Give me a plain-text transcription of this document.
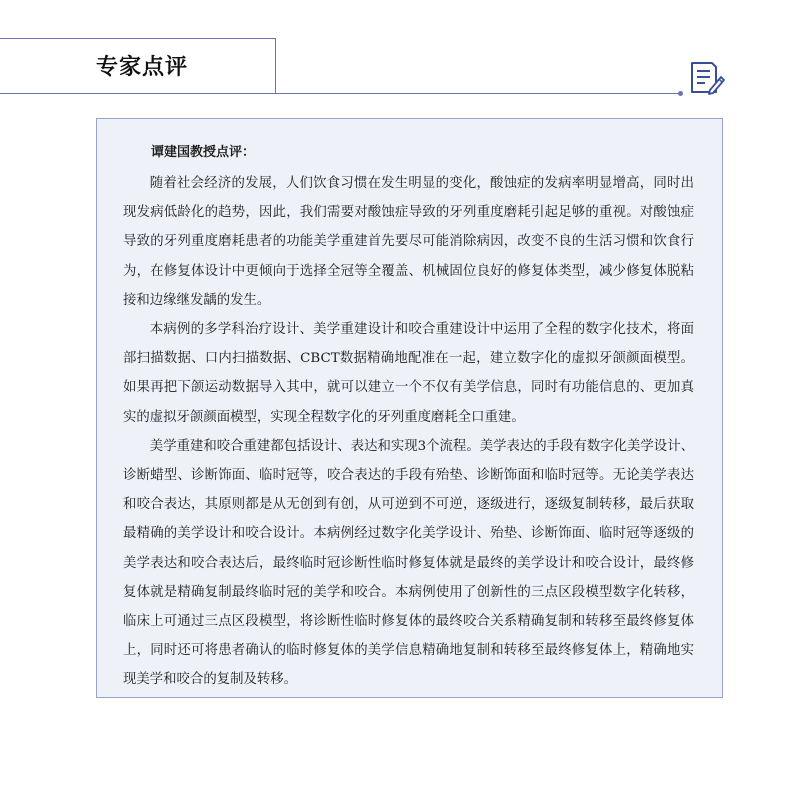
专家点评

谭建国教授点评：

随着社会经济的发展，人们饮食习惯在发生明显的变化，酸蚀症的发病率明显增高，同时出现发病低龄化的趋势，因此，我们需要对酸蚀症导致的牙列重度磨耗引起足够的重视。对酸蚀症导致的牙列重度磨耗患者的功能美学重建首先要尽可能消除病因，改变不良的生活习惯和饮食行为，在修复体设计中更倾向于选择全冠等全覆盖、机械固位良好的修复体类型，减少修复体脱粘接和边缘继发龋的发生。

本病例的多学科治疗设计、美学重建设计和咬合重建设计中运用了全程的数字化技术，将面部扫描数据、口内扫描数据、CBCT数据精确地配准在一起，建立数字化的虚拟牙颌颜面模型。如果再把下颌运动数据导入其中，就可以建立一个不仅有美学信息，同时有功能信息的、更加真实的虚拟牙颌颜面模型，实现全程数字化的牙列重度磨耗全口重建。

美学重建和咬合重建都包括设计、表达和实现3个流程。美学表达的手段有数字化美学设计、诊断蜡型、诊断饰面、临时冠等，咬合表达的手段有殆垫、诊断饰面和临时冠等。无论美学表达和咬合表达，其原则都是从无创到有创，从可逆到不可逆，逐级进行，逐级复制转移，最后获取最精确的美学设计和咬合设计。本病例经过数字化美学设计、殆垫、诊断饰面、临时冠等逐级的美学表达和咬合表达后，最终临时冠诊断性临时修复体就是最终的美学设计和咬合设计，最终修复体就是精确复制最终临时冠的美学和咬合。本病例使用了创新性的三点区段模型数字化转移，临床上可通过三点区段模型，将诊断性临时修复体的最终咬合关系精确复制和转移至最终修复体上，同时还可将患者确认的临时修复体的美学信息精确地复制和转移至最终修复体上，精确地实现美学和咬合的复制及转移。
